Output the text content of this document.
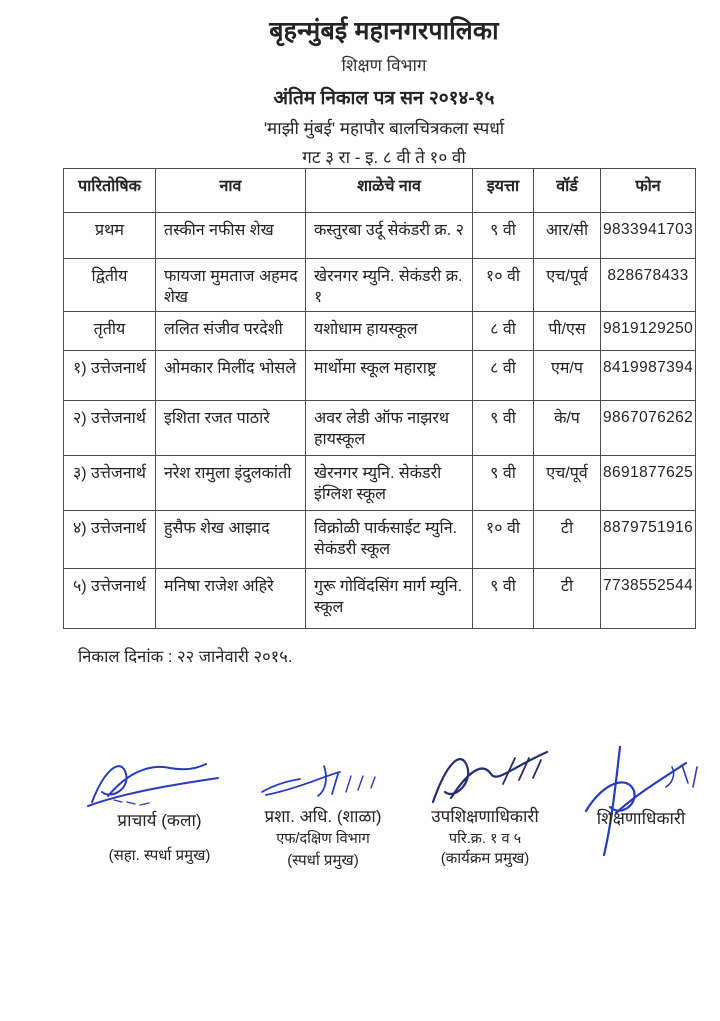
बृहन्मुंबई महानगरपालिका
शिक्षण विभाग
अंतिम निकाल पत्र सन २०१४-१५
'माझी मुंबई' महापौर बालचित्रकला स्पर्धा
गट ३ रा - इ. ८ वी ते १० वी
पारितोषिक	नाव	शाळेचे नाव	इयत्ता	वॉर्ड	फोन
प्रथम	तस्कीन नफीस शेख	कस्तुरबा उर्दू सेकंडरी क्र. २	९ वी	आर/सी	9833941703
द्वितीय	फायजा मुमताज अहमद शेख	खेरनगर म्युनि. सेकंडरी क्र. १	१० वी	एच/पूर्व	828678433
तृतीय	ललित संजीव परदेशी	यशोधाम हायस्कूल	८ वी	पी/एस	9819129250
१) उत्तेजनार्थ	ओमकार मिलींद भोसले	मार्थोमा स्कूल महाराष्ट्र	८ वी	एम/प	8419987394
२) उत्तेजनार्थ	इशिता रजत पाठारे	अवर लेडी ऑफ नाझरथ हायस्कूल	९ वी	के/प	9867076262
३) उत्तेजनार्थ	नरेश रामुला इंदुलकांती	खेरनगर म्युनि. सेकंडरी इंग्लिश स्कूल	९ वी	एच/पूर्व	8691877625
४) उत्तेजनार्थ	हुसैफ शेख आझाद	विक्रोळी पार्कसाईट म्युनि. सेकंडरी स्कूल	१० वी	टी	8879751916
५) उत्तेजनार्थ	मनिषा राजेश अहिरे	गुरू गोविंदसिंग मार्ग म्युनि. स्कूल	९ वी	टी	7738552544
निकाल दिनांक : २२ जानेवारी २०१५.
प्राचार्य (कला)
(सहा. स्पर्धा प्रमुख)
प्रशा. अधि. (शाळा)
एफ/दक्षिण विभाग
(स्पर्धा प्रमुख)
उपशिक्षणाधिकारी
परि.क्र. १ व ५
(कार्यक्रम प्रमुख)
शिक्षणाधिकारी
